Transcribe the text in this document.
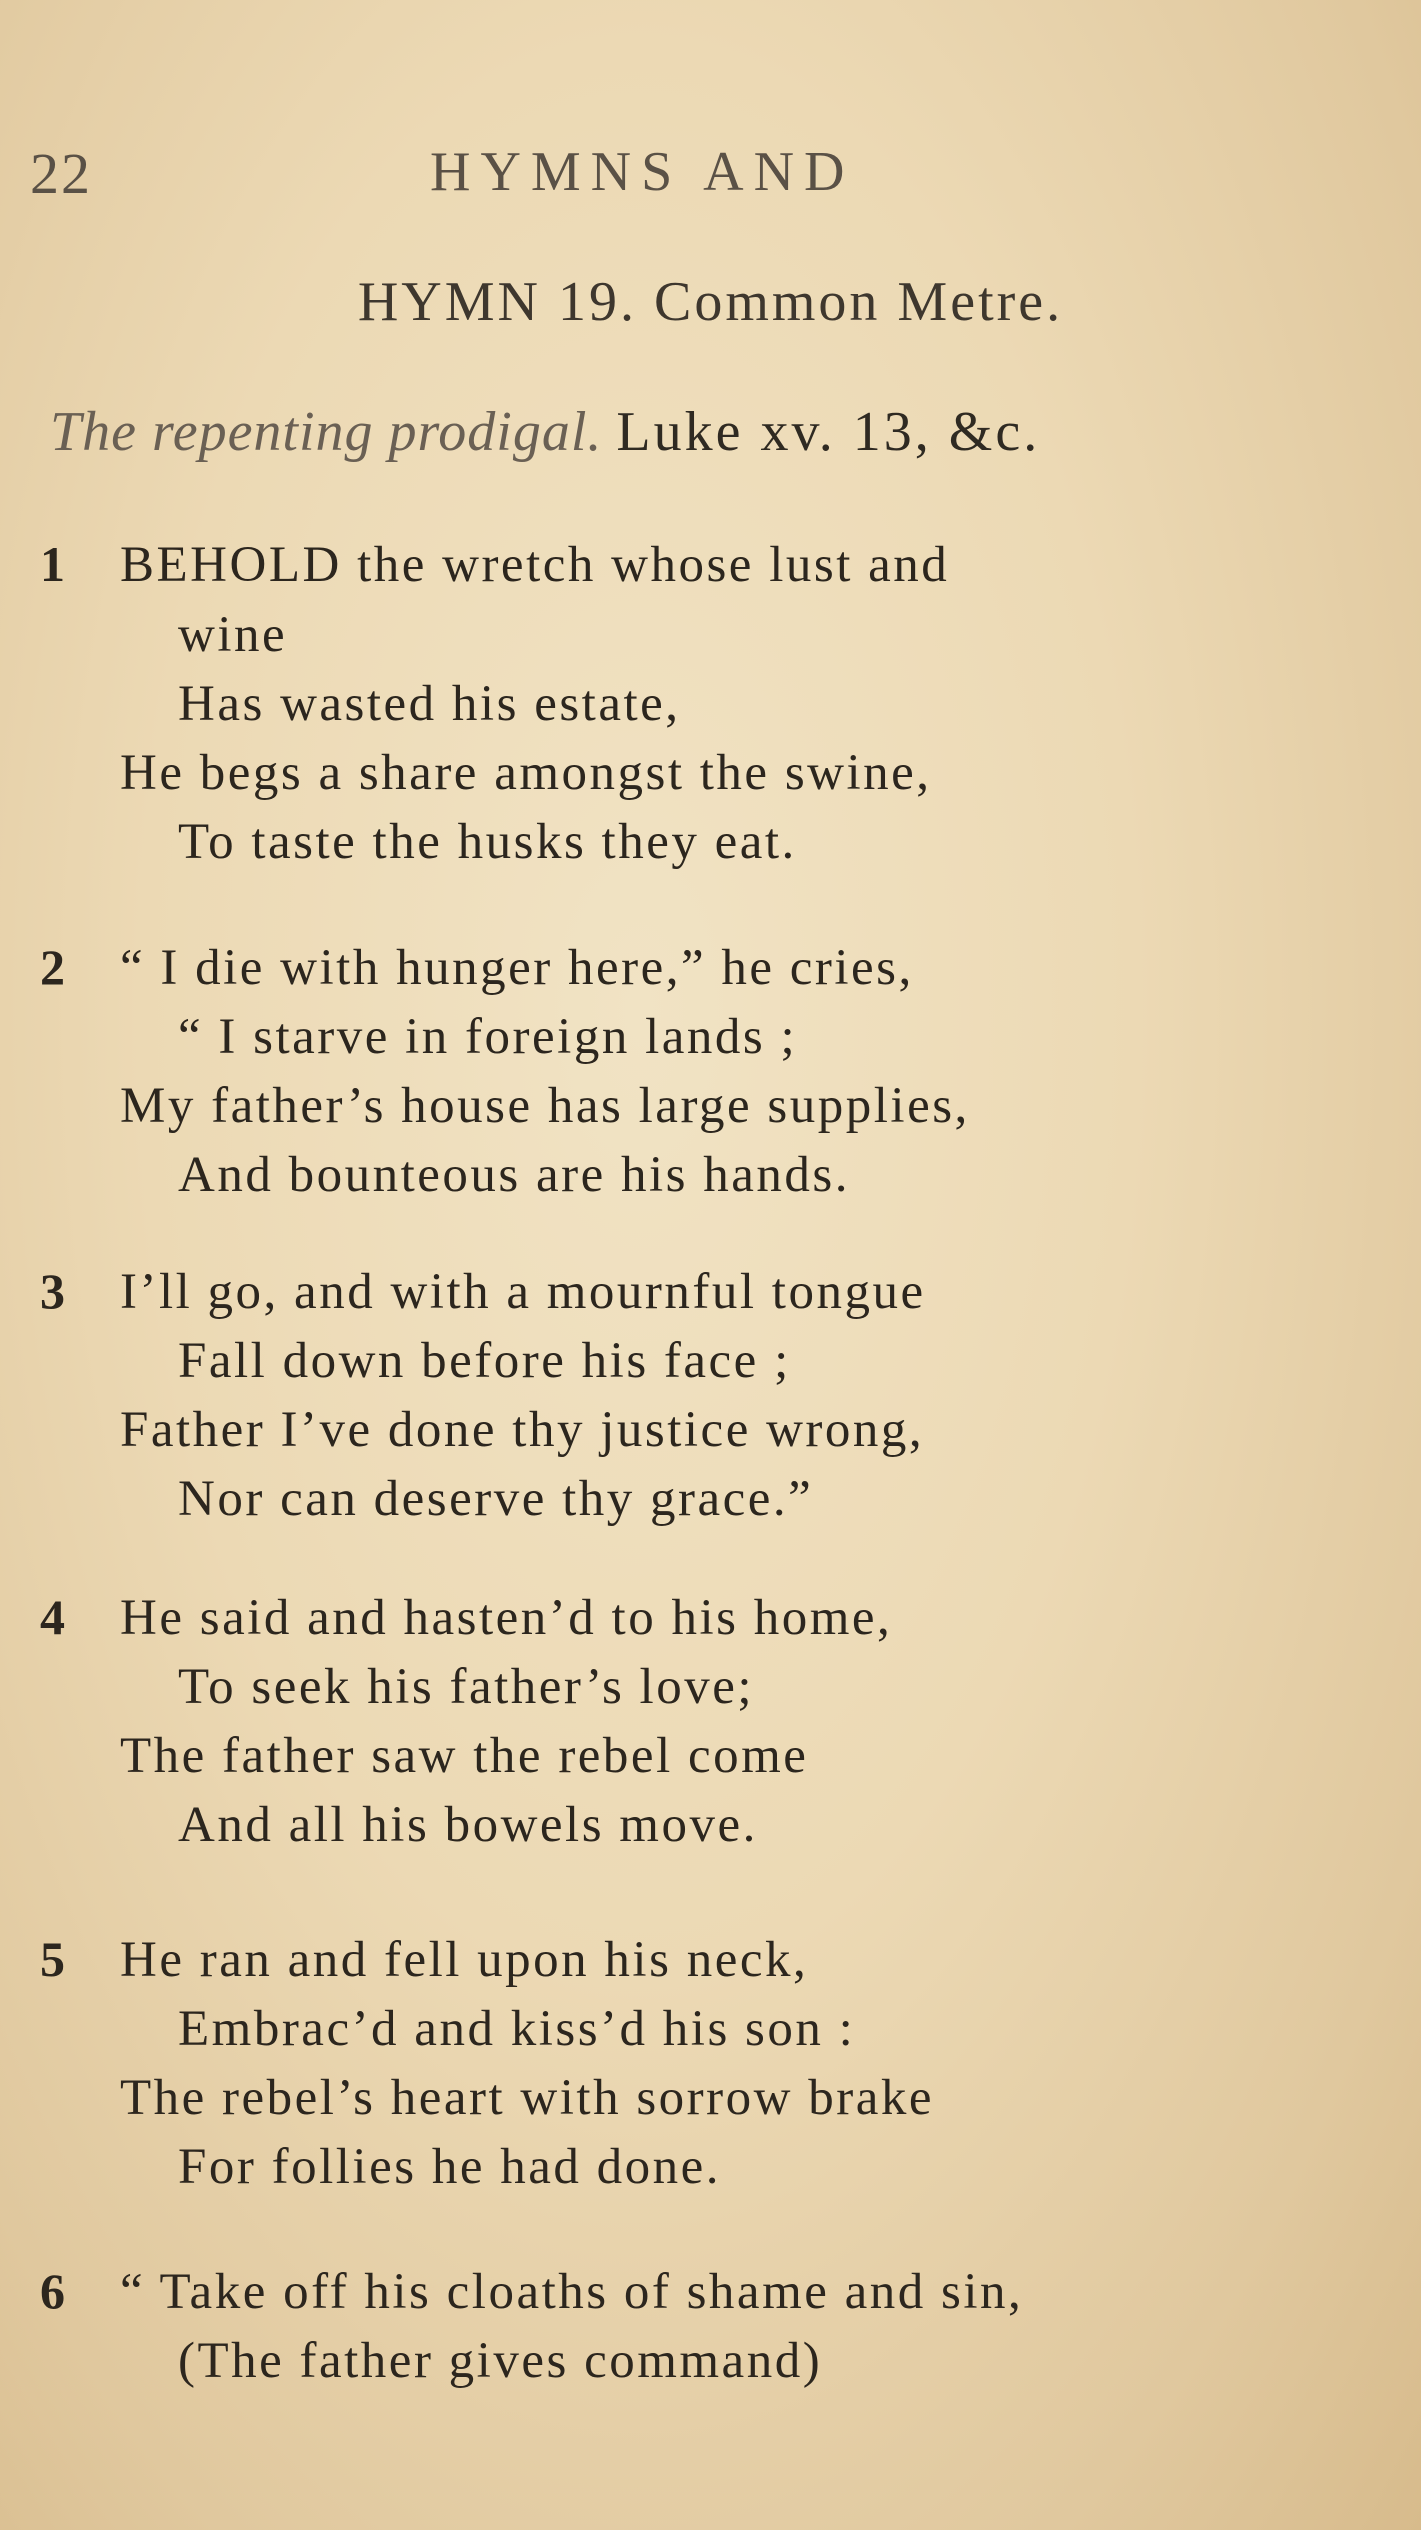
22	HYMNS AND
HYMN 19. Common Metre.
The repenting prodigal. Luke xv. 13, &c.
1 BEHOLD the wretch whose lust and
wine
Has wasted his estate,
He begs a share amongst the swine,
To taste the husks they eat.
2 “ I die with hunger here,” he cries,
“ I starve in foreign lands ;
My father’s house has large supplies,
And bounteous are his hands.
3 I’ll go, and with a mournful tongue
Fall down before his face ;
Father I’ve done thy justice wrong,
Nor can deserve thy grace.”
4 He said and hasten’d to his home,
To seek his father’s love;
The father saw the rebel come
And all his bowels move.
5 He ran and fell upon his neck,
Embrac’d and kiss’d his son :
The rebel’s heart with sorrow brake
For follies he had done.
6 “ Take off his cloaths of shame and sin,
(The father gives command)
